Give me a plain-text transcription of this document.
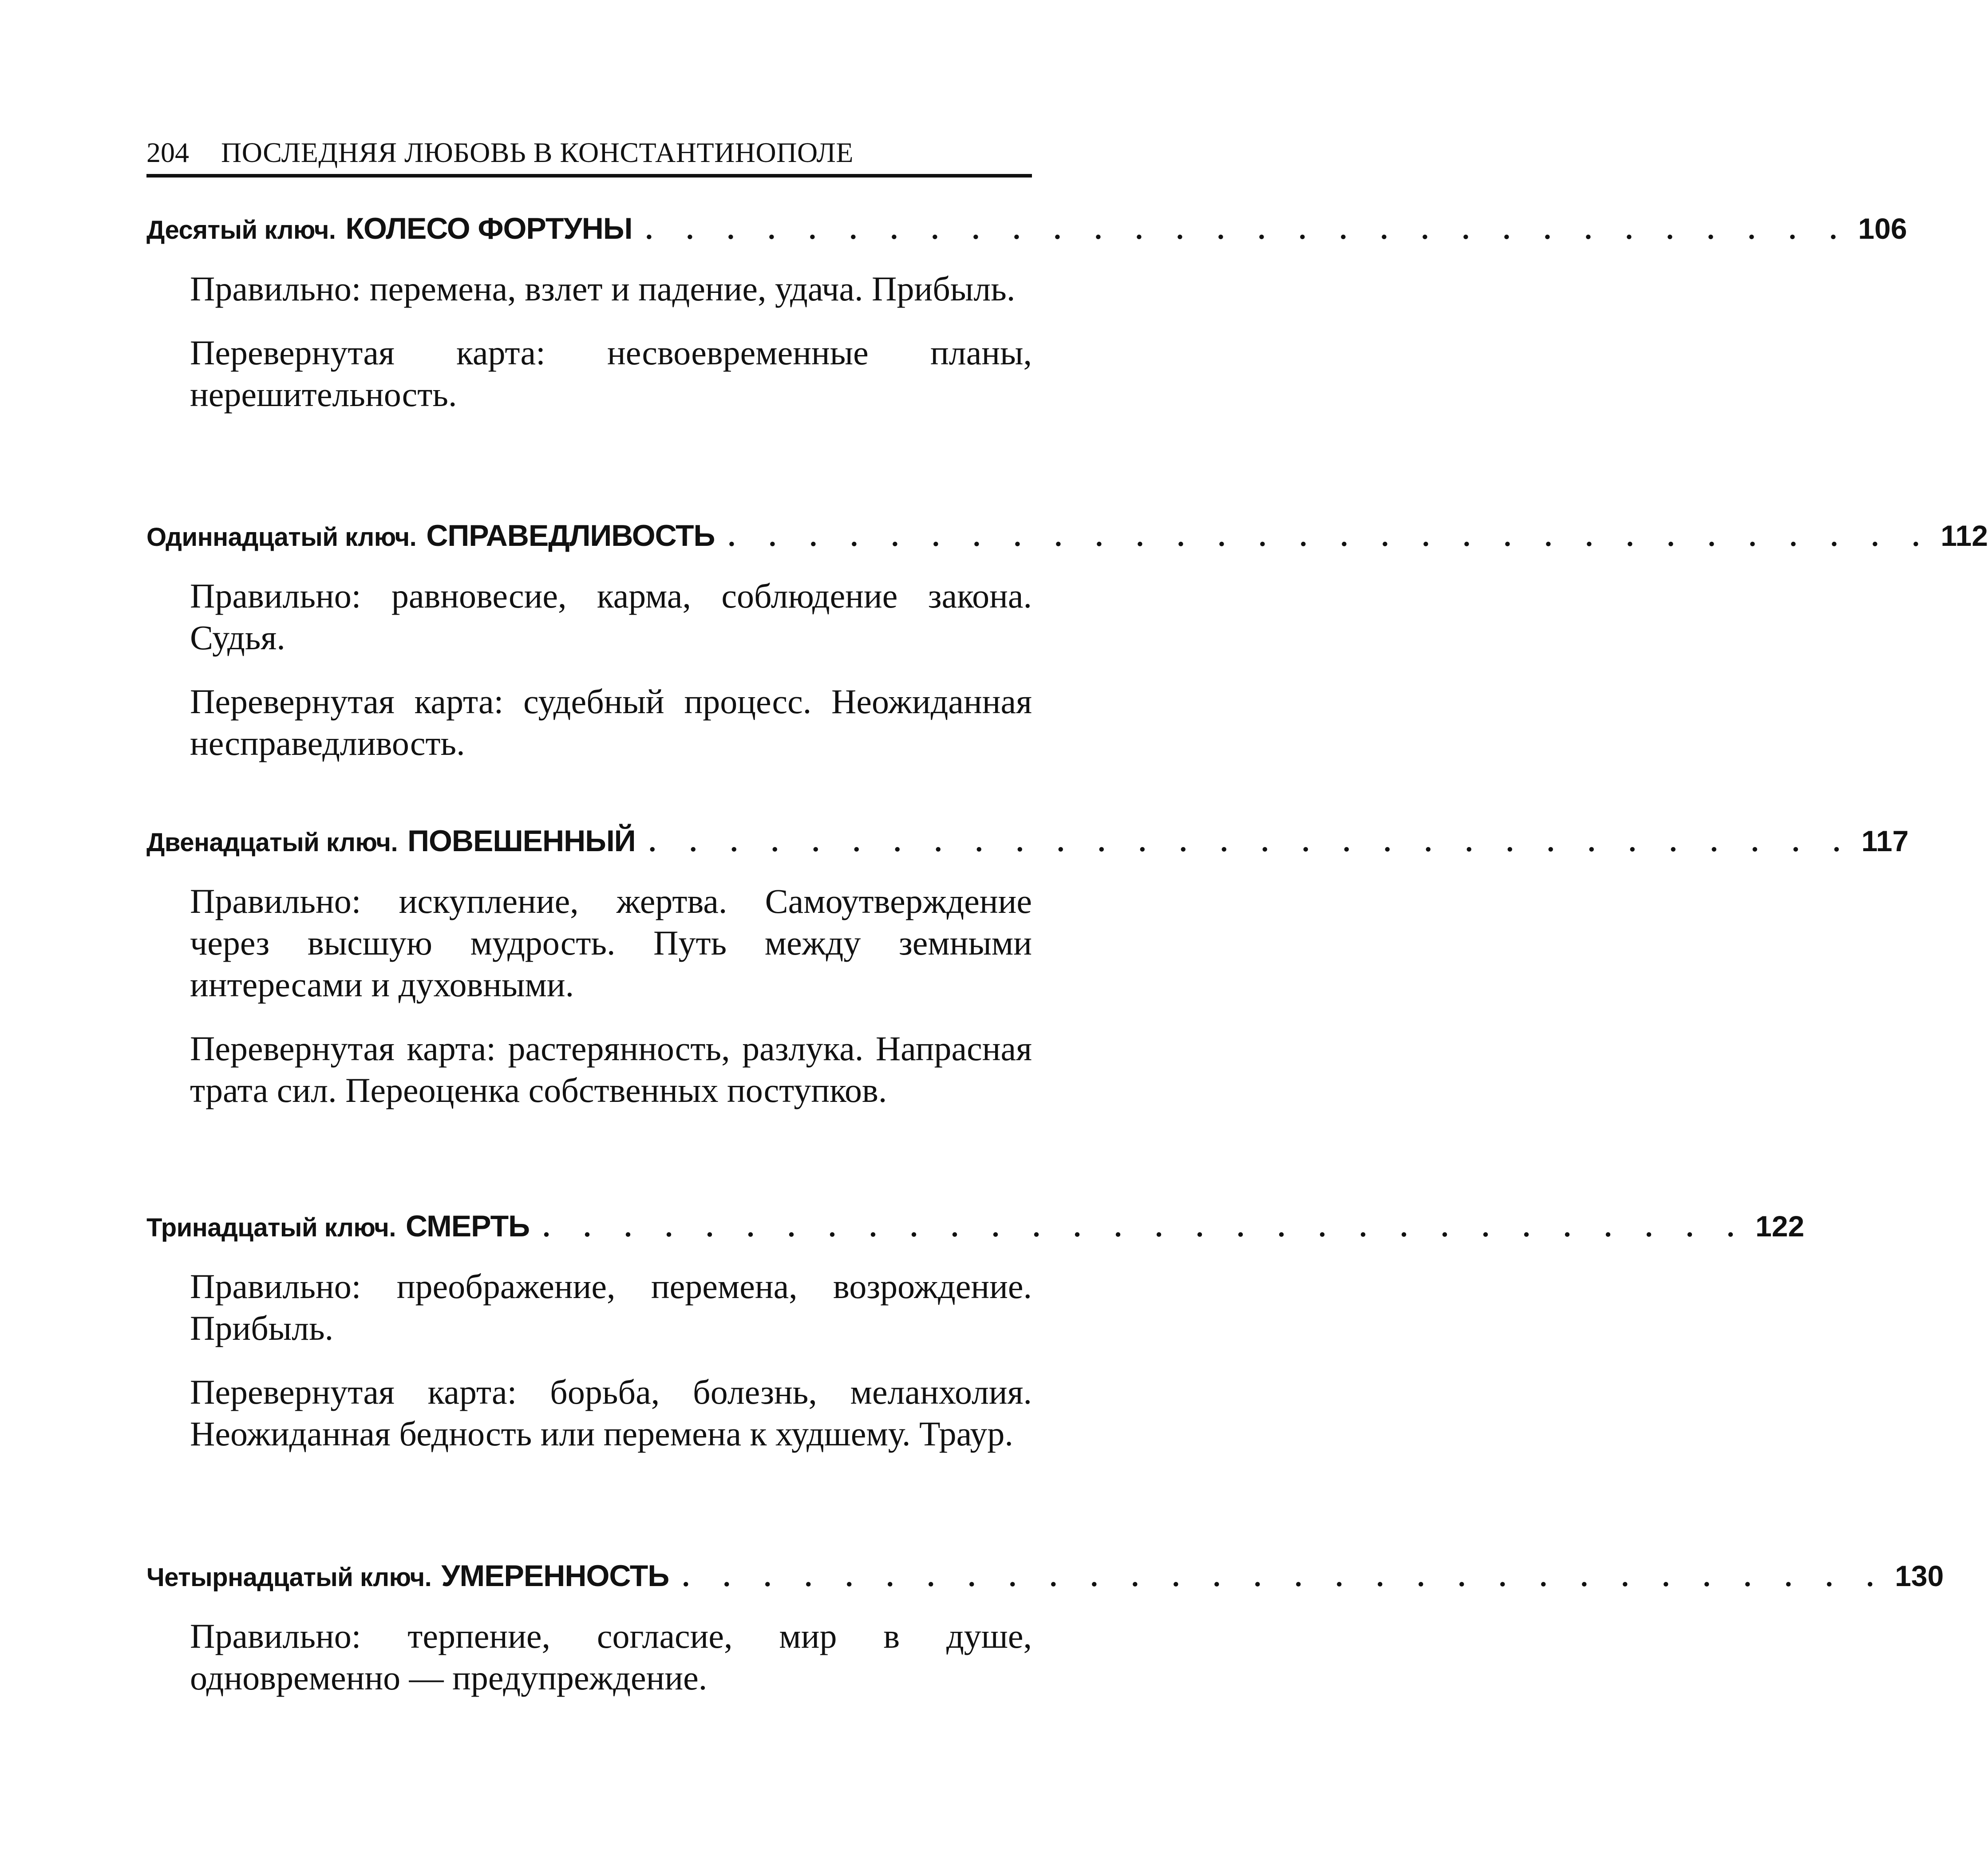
204 ПОСЛЕДНЯЯ ЛЮБОВЬ В КОНСТАНТИНОПОЛЕ
Десятый ключ. КОЛЕСО ФОРТУНЫ . . . . . . . . . . . . . . . . . . . . . . . . . . . . . . 106
Правильно: перемена, взлет и падение, удача. Прибыль.
Перевернутая карта: несвоевременные планы, нерешительность.
Одиннадцатый ключ. СПРАВЕДЛИВОСТЬ . . . . . . . . . . . . . . . . . . . . . . . . . . . . . . 112
Правильно: равновесие, карма, соблюдение закона. Судья.
Перевернутая карта: судебный процесс. Неожиданная несправедливость.
Двенадцатый ключ. ПОВЕШЕННЫЙ . . . . . . . . . . . . . . . . . . . . . . . . . . . . . . 117
Правильно: искупление, жертва. Самоутверждение через высшую мудрость. Путь между земными интересами и духовными.
Перевернутая карта: растерянность, разлука. Напрасная трата сил. Переоценка собственных поступков.
Тринадцатый ключ. СМЕРТЬ . . . . . . . . . . . . . . . . . . . . . . . . . . . . . . 122
Правильно: преображение, перемена, возрождение. Прибыль.
Перевернутая карта: борьба, болезнь, меланхолия. Неожиданная бедность или перемена к худшему. Траур.
Четырнадцатый ключ. УМЕРЕННОСТЬ . . . . . . . . . . . . . . . . . . . . . . . . . . . . . . 130
Правильно: терпение, согласие, мир в душе, одновременно — предупреждение.
